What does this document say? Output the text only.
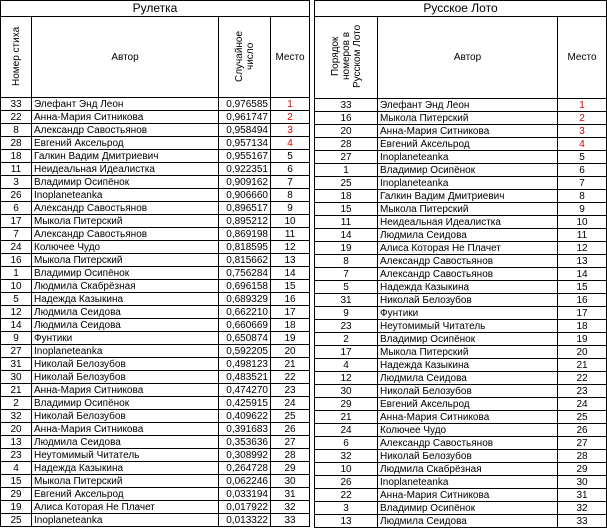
Рулетка			
Номер стиха	Автор	Случайное число	Место
33	Элефант Энд Леон	0,976585	1
22	Анна-Мария Ситникова	0,961747	2
8	Александр Савостьянов	0,958494	3
28	Евгений Аксельрод	0,957134	4
18	Галкин Вадим Дмитриевич	0,955167	5
11	Неидеальная Идеалистка	0,922351	6
3	Владимир Осипёнок	0,909162	7
26	Inoplaneteanka	0,906660	8
6	Александр Савостьянов	0,896517	9
17	Мыкола Питерский	0,895212	10
7	Александр Савостьянов	0,869198	11
24	Колючее Чудо	0,818595	12
16	Мыкола Питерский	0,815662	13
1	Владимир Осипёнок	0,756284	14
10	Людмила Скабрёзная	0,696158	15
5	Надежда Казыкина	0,689329	16
12	Людмила Сеидова	0,662210	17
14	Людмила Сеидова	0,660669	18
9	Фунтики	0,650874	19
27	Inoplaneteanka	0,592205	20
31	Николай Белозубов	0,498123	21
30	Николай Белозубов	0,483521	22
21	Анна-Мария Ситникова	0,474270	23
2	Владимир Осипёнок	0,425915	24
32	Николай Белозубов	0,409622	25
20	Анна-Мария Ситникова	0,391683	26
13	Людмила Сеидова	0,353636	27
23	Неутомимый Читатель	0,308992	28
4	Надежда Казыкина	0,264728	29
15	Мыкола Питерский	0,062246	30
29	Евгений Аксельрод	0,033194	31
19	Алиса Которая Не Плачет	0,017922	32
25	Inoplaneteanka	0,013322	33
Русское Лото		
Порядок номеров в Русском Лото	Автор	Место
33	Элефант Энд Леон	1
16	Мыкола Питерский	2
20	Анна-Мария Ситникова	3
28	Евгений Аксельрод	4
27	Inoplaneteanka	5
1	Владимир Осипёнок	6
25	Inoplaneteanka	7
18	Галкин Вадим Дмитриевич	8
15	Мыкола Питерский	9
11	Неидеальная Идеалистка	10
14	Людмила Сеидова	11
19	Алиса Которая Не Плачет	12
8	Александр Савостьянов	13
7	Александр Савостьянов	14
5	Надежда Казыкина	15
31	Николай Белозубов	16
9	Фунтики	17
23	Неутомимый Читатель	18
2	Владимир Осипёнок	19
17	Мыкола Питерский	20
4	Надежда Казыкина	21
12	Людмила Сеидова	22
30	Николай Белозубов	23
29	Евгений Аксельрод	24
21	Анна-Мария Ситникова	25
24	Колючее Чудо	26
6	Александр Савостьянов	27
32	Николай Белозубов	28
10	Людмила Скабрёзная	29
26	Inoplaneteanka	30
22	Анна-Мария Ситникова	31
3	Владимир Осипёнок	32
13	Людмила Сеидова	33
